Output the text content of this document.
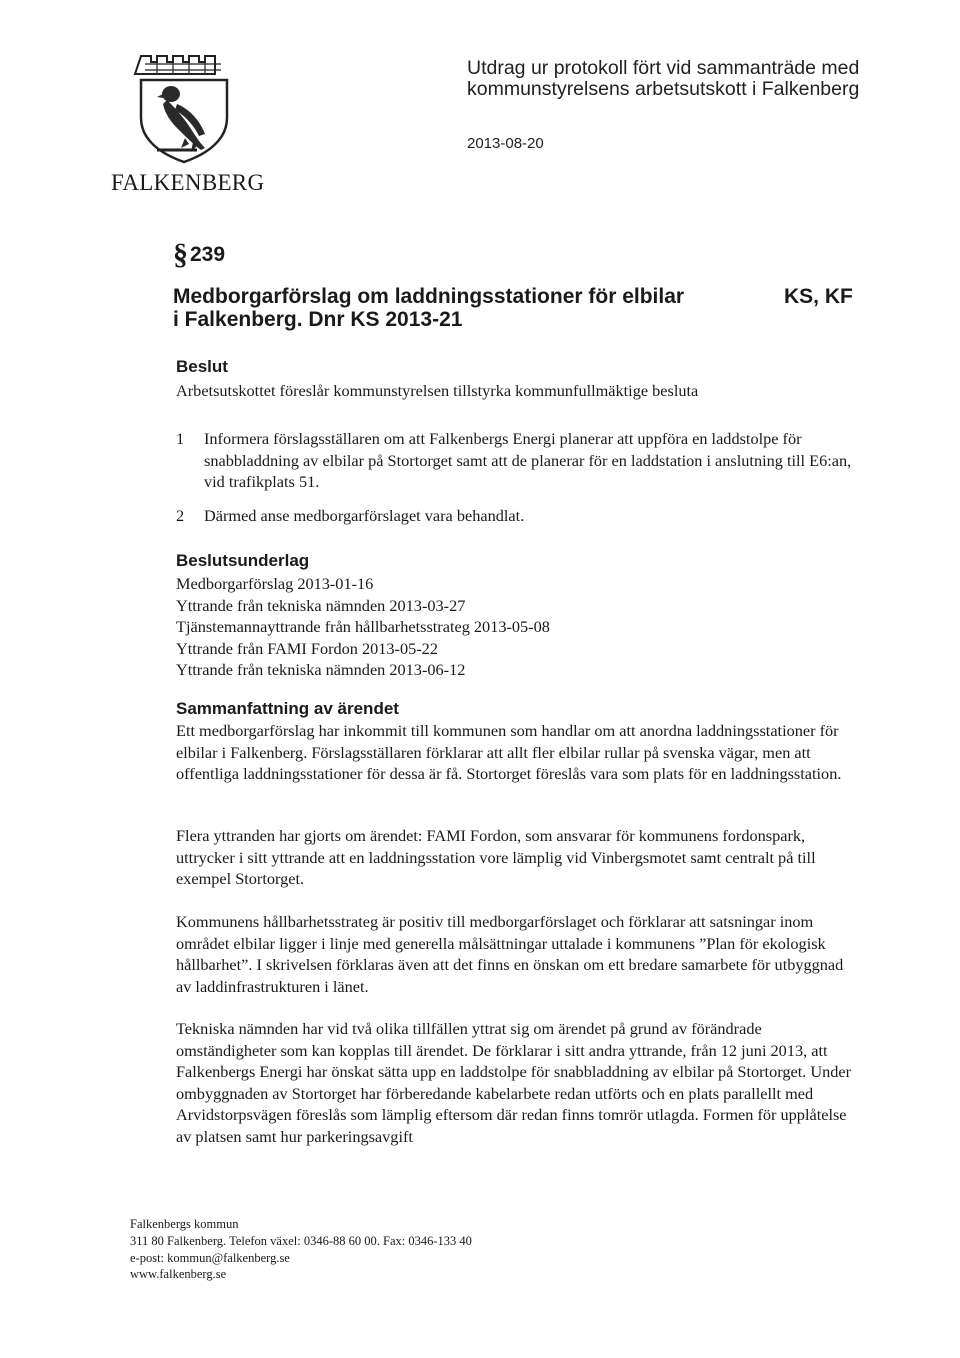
FALKENBERG
Utdrag ur protokoll fört vid sammanträde med
kommunstyrelsens arbetsutskott i Falkenberg
2013-08-20
§239
Medborgarförslag om laddningsstationer för elbilar
i Falkenberg. Dnr KS 2013-21
KS, KF
Beslut
Arbetsutskottet föreslår kommunstyrelsen tillstyrka kommunfullmäktige besluta
1	Informera förslagsställaren om att Falkenbergs Energi planerar att uppföra en laddstolpe för snabbladdning av elbilar på Stortorget samt att de planerar för en laddstation i anslutning till E6:an, vid trafikplats 51.
2	Därmed anse medborgarförslaget vara behandlat.
Beslutsunderlag
Medborgarförslag 2013-01-16
Yttrande från tekniska nämnden 2013-03-27
Tjänstemannayttrande från hållbarhetsstrateg 2013-05-08
Yttrande från FAMI Fordon 2013-05-22
Yttrande från tekniska nämnden 2013-06-12
Sammanfattning av ärendet

Ett medborgarförslag har inkommit till kommunen som handlar om att anordna laddningsstationer för elbilar i Falkenberg. Förslagsställaren förklarar att allt fler elbilar rullar på svenska vägar, men att offentliga laddningsstationer för dessa är få. Stortorget föreslås vara som plats för en laddningsstation.

Flera yttranden har gjorts om ärendet: FAMI Fordon, som ansvarar för kommunens fordonspark, uttrycker i sitt yttrande att en laddningsstation vore lämplig vid Vinbergsmotet samt centralt på till exempel Stortorget.

Kommunens hållbarhetsstrateg är positiv till medborgarförslaget och förklarar att satsningar inom området elbilar ligger i linje med generella målsättningar uttalade i kommunens ”Plan för ekologisk hållbarhet”. I skrivelsen förklaras även att det finns en önskan om ett bredare samarbete för utbyggnad av laddinfrastrukturen i länet.

Tekniska nämnden har vid två olika tillfällen yttrat sig om ärendet på grund av förändrade omständigheter som kan kopplas till ärendet. De förklarar i sitt andra yttrande, från 12 juni 2013, att Falkenbergs Energi har önskat sätta upp en laddstolpe för snabbladdning av elbilar på Stortorget. Under ombyggnaden av Stortorget har förberedande kabelarbete redan utförts och en plats parallellt med Arvidstorpsvägen föreslås som lämplig eftersom där redan finns tomrör utlagda. Formen för upplåtelse av platsen samt hur parkeringsavgift

Falkenbergs kommun
311 80 Falkenberg. Telefon växel: 0346-88 60 00. Fax: 0346-133 40
e-post: kommun@falkenberg.se
www.falkenberg.se
